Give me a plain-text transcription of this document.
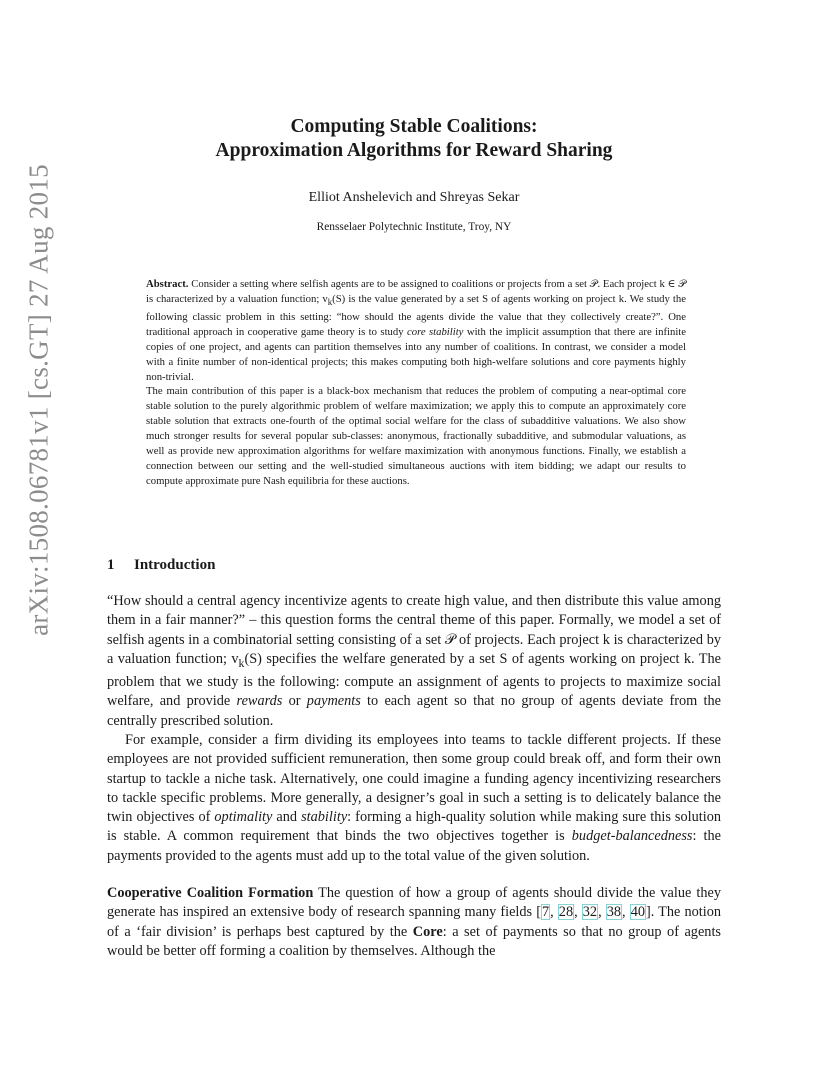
arXiv:1508.06781v1 [cs.GT] 27 Aug 2015
Computing Stable Coalitions:
Approximation Algorithms for Reward Sharing
Elliot Anshelevich and Shreyas Sekar
Rensselaer Polytechnic Institute, Troy, NY

Abstract. Consider a setting where selfish agents are to be assigned to coalitions or projects from a set 𝒫. Each project k ∈ 𝒫 is characterized by a valuation function; $v_k(S)$ is the value generated by a set S of agents working on project k. We study the following classic problem in this setting: “how should the agents divide the value that they collectively create?”. One traditional approach in cooperative game theory is to study core stability with the implicit assumption that there are infinite copies of one project, and agents can partition themselves into any number of coalitions. In contrast, we consider a model with a finite number of non-identical projects; this makes computing both high-welfare solutions and core payments highly non-trivial.

The main contribution of this paper is a black-box mechanism that reduces the problem of computing a near-optimal core stable solution to the purely algorithmic problem of welfare maximization; we apply this to compute an approximately core stable solution that extracts one-fourth of the optimal social welfare for the class of subadditive valuations. We also show much stronger results for several popular sub-classes: anonymous, fractionally subadditive, and submodular valuations, as well as provide new approximation algorithms for welfare maximization with anonymous functions. Finally, we establish a connection between our setting and the well-studied simultaneous auctions with item bidding; we adapt our results to compute approximate pure Nash equilibria for these auctions.

1 Introduction

“How should a central agency incentivize agents to create high value, and then distribute this value among them in a fair manner?” – this question forms the central theme of this paper. Formally, we model a set of selfish agents in a combinatorial setting consisting of a set 𝒫 of projects. Each project k is characterized by a valuation function; $v_k(S)$ specifies the welfare generated by a set S of agents working on project k. The problem that we study is the following: compute an assignment of agents to projects to maximize social welfare, and provide rewards or payments to each agent so that no group of agents deviate from the centrally prescribed solution.

For example, consider a firm dividing its employees into teams to tackle different projects. If these employees are not provided sufficient remuneration, then some group could break off, and form their own startup to tackle a niche task. Alternatively, one could imagine a funding agency incentivizing researchers to tackle specific problems. More generally, a designer’s goal in such a setting is to delicately balance the twin objectives of optimality and stability: forming a high-quality solution while making sure this solution is stable. A common requirement that binds the two objectives together is budget-balancedness: the payments provided to the agents must add up to the total value of the given solution.

Cooperative Coalition Formation The question of how a group of agents should divide the value they generate has inspired an extensive body of research spanning many fields [7, 28, 32, 38, 40]. The notion of a ‘fair division’ is perhaps best captured by the Core: a set of payments so that no group of agents would be better off forming a coalition by themselves. Although the
